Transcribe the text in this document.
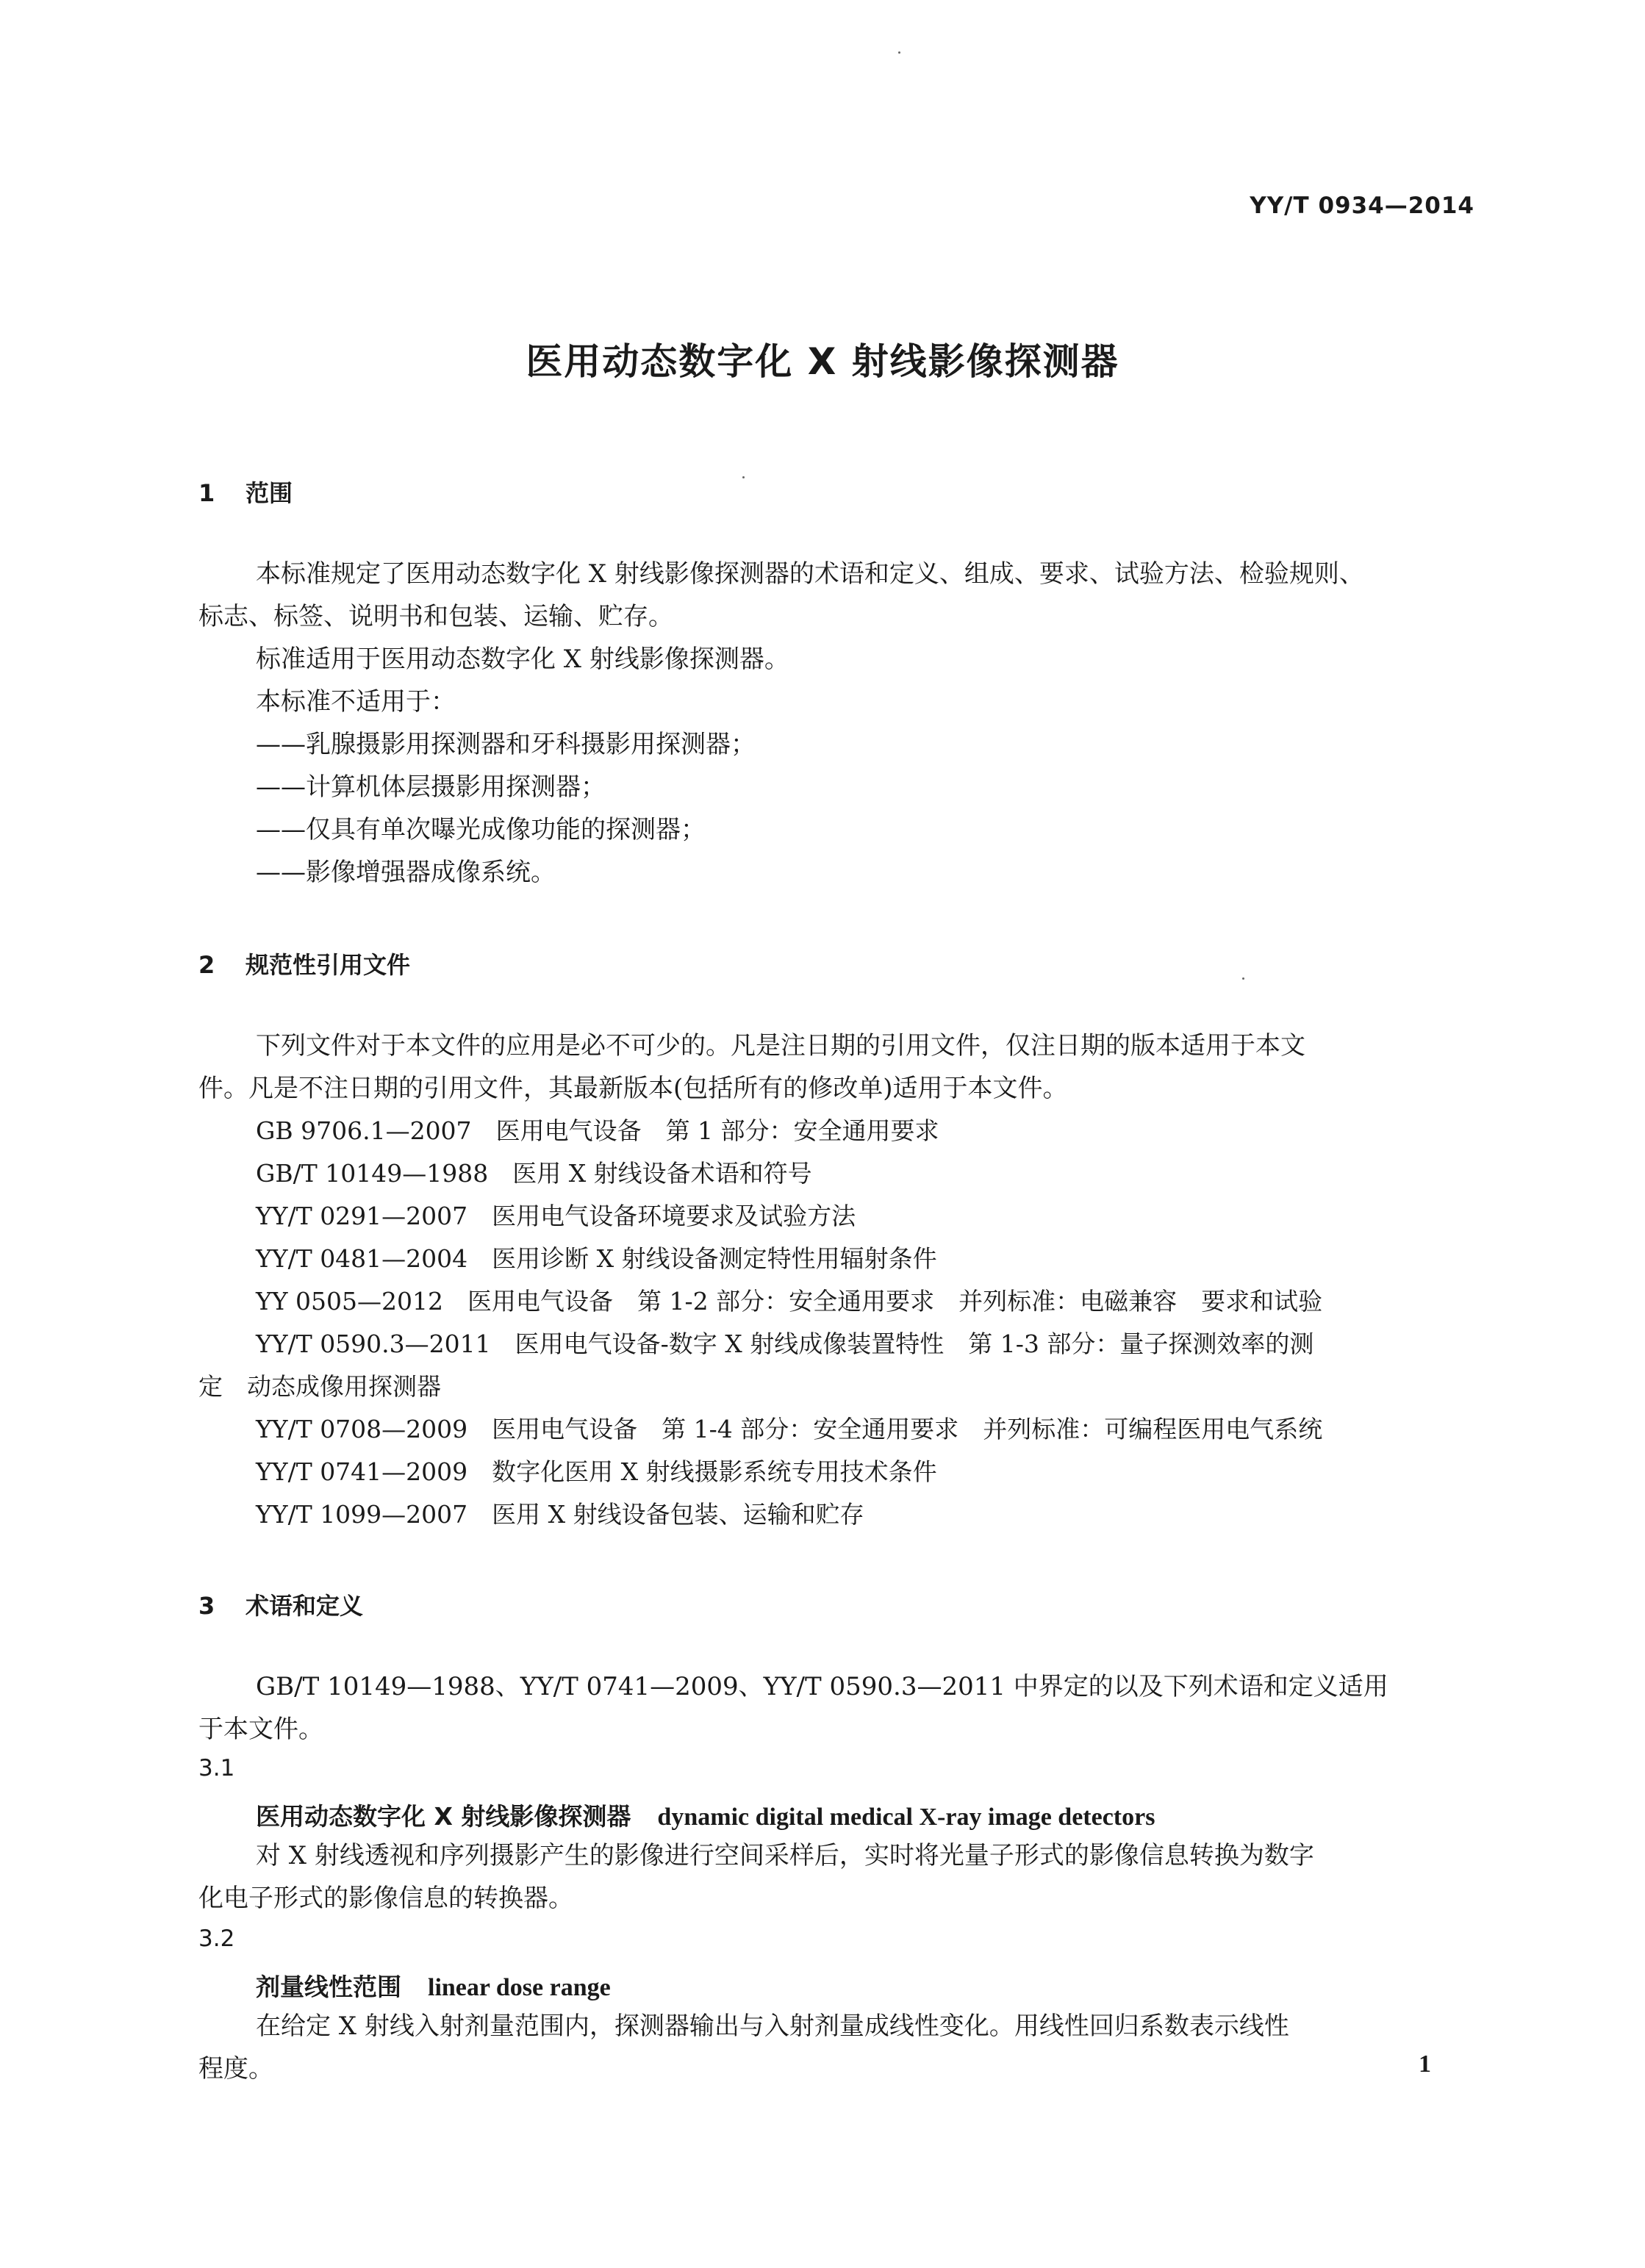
YY/T 0934—2014
医用动态数字化 X 射线影像探测器
1 范围
本标准规定了医用动态数字化 X 射线影像探测器的术语和定义、组成、要求、试验方法、检验规则、
标志、标签、说明书和包装、运输、贮存。
标准适用于医用动态数字化 X 射线影像探测器。
本标准不适用于：
——乳腺摄影用探测器和牙科摄影用探测器；
——计算机体层摄影用探测器；
——仅具有单次曝光成像功能的探测器；
——影像增强器成像系统。
2 规范性引用文件
下列文件对于本文件的应用是必不可少的。凡是注日期的引用文件，仅注日期的版本适用于本文
件。凡是不注日期的引用文件，其最新版本(包括所有的修改单)适用于本文件。
GB 9706.1—2007　 医用电气设备　第 1 部分：安全通用要求
GB/T 10149—1988　 医用 X 射线设备术语和符号
YY/T 0291—2007　 医用电气设备环境要求及试验方法
YY/T 0481—2004　 医用诊断 X 射线设备测定特性用辐射条件
YY 0505—2012　 医用电气设备　第 1-2 部分：安全通用要求　并列标准：电磁兼容　要求和试验
YY/T 0590.3—2011　 医用电气设备-数字 X 射线成像装置特性　第 1-3 部分：量子探测效率的测
定　动态成像用探测器
YY/T 0708—2009　 医用电气设备　第 1-4 部分：安全通用要求　并列标准：可编程医用电气系统
YY/T 0741—2009　 数字化医用 X 射线摄影系统专用技术条件
YY/T 1099—2007　 医用 X 射线设备包装、运输和贮存
3 术语和定义
GB/T 10149—1988、YY/T 0741—2009、YY/T 0590.3—2011 中界定的以及下列术语和定义适用
于本文件。
3.1
医用动态数字化 X 射线影像探测器 dynamic digital medical X-ray image detectors
对 X 射线透视和序列摄影产生的影像进行空间采样后，实时将光量子形式的影像信息转换为数字
化电子形式的影像信息的转换器。
3.2
剂量线性范围 linear dose range
在给定 X 射线入射剂量范围内，探测器输出与入射剂量成线性变化。用线性回归系数表示线性
程度。	1
